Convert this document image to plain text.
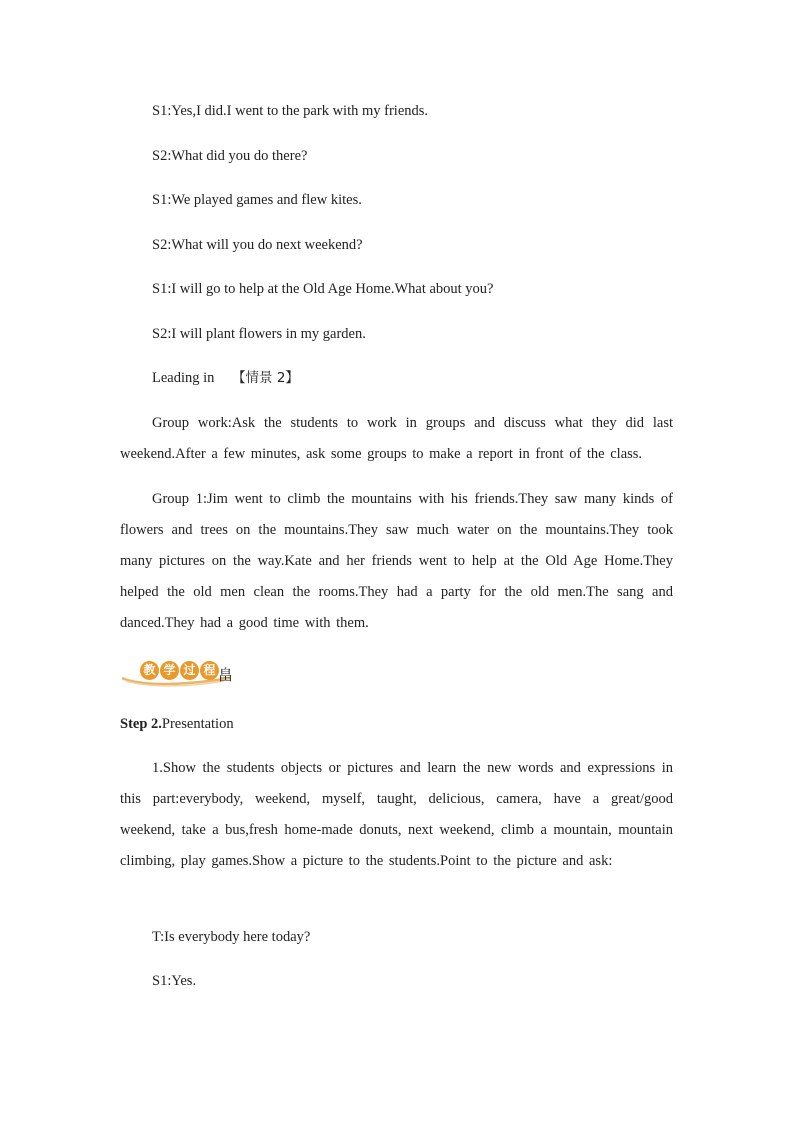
S1:Yes,I did.I went to the park with my friends.
S2:What did you do there?
S1:We played games and flew kites.
S2:What will you do next weekend?
S1:I will go to help at the Old Age Home.What about you?
S2:I will plant flowers in my garden.
Leading in 【情景 2】
Group work:Ask the students to work in groups and discuss what they did last weekend.After a few minutes, ask some groups to make a report in front of the class.
Group 1:Jim went to climb the mountains with his friends.They saw many kinds of flowers and trees on the mountains.They saw much water on the mountains.They took many pictures on the way.Kate and her friends went to help at the Old Age Home.They helped the old men clean the rooms.They had a party for the old men.The sang and danced.They had a good time with them.
教 学 过 程 畠
Step 2.Presentation
1.Show the students objects or pictures and learn the new words and expressions in this part:everybody, weekend, myself, taught, delicious, camera, have a great/good weekend, take a bus,fresh home-made donuts, next weekend, climb a mountain, mountain climbing, play games.Show a picture to the students.Point to the picture and ask:
T:Is everybody here today?
S1:Yes.
